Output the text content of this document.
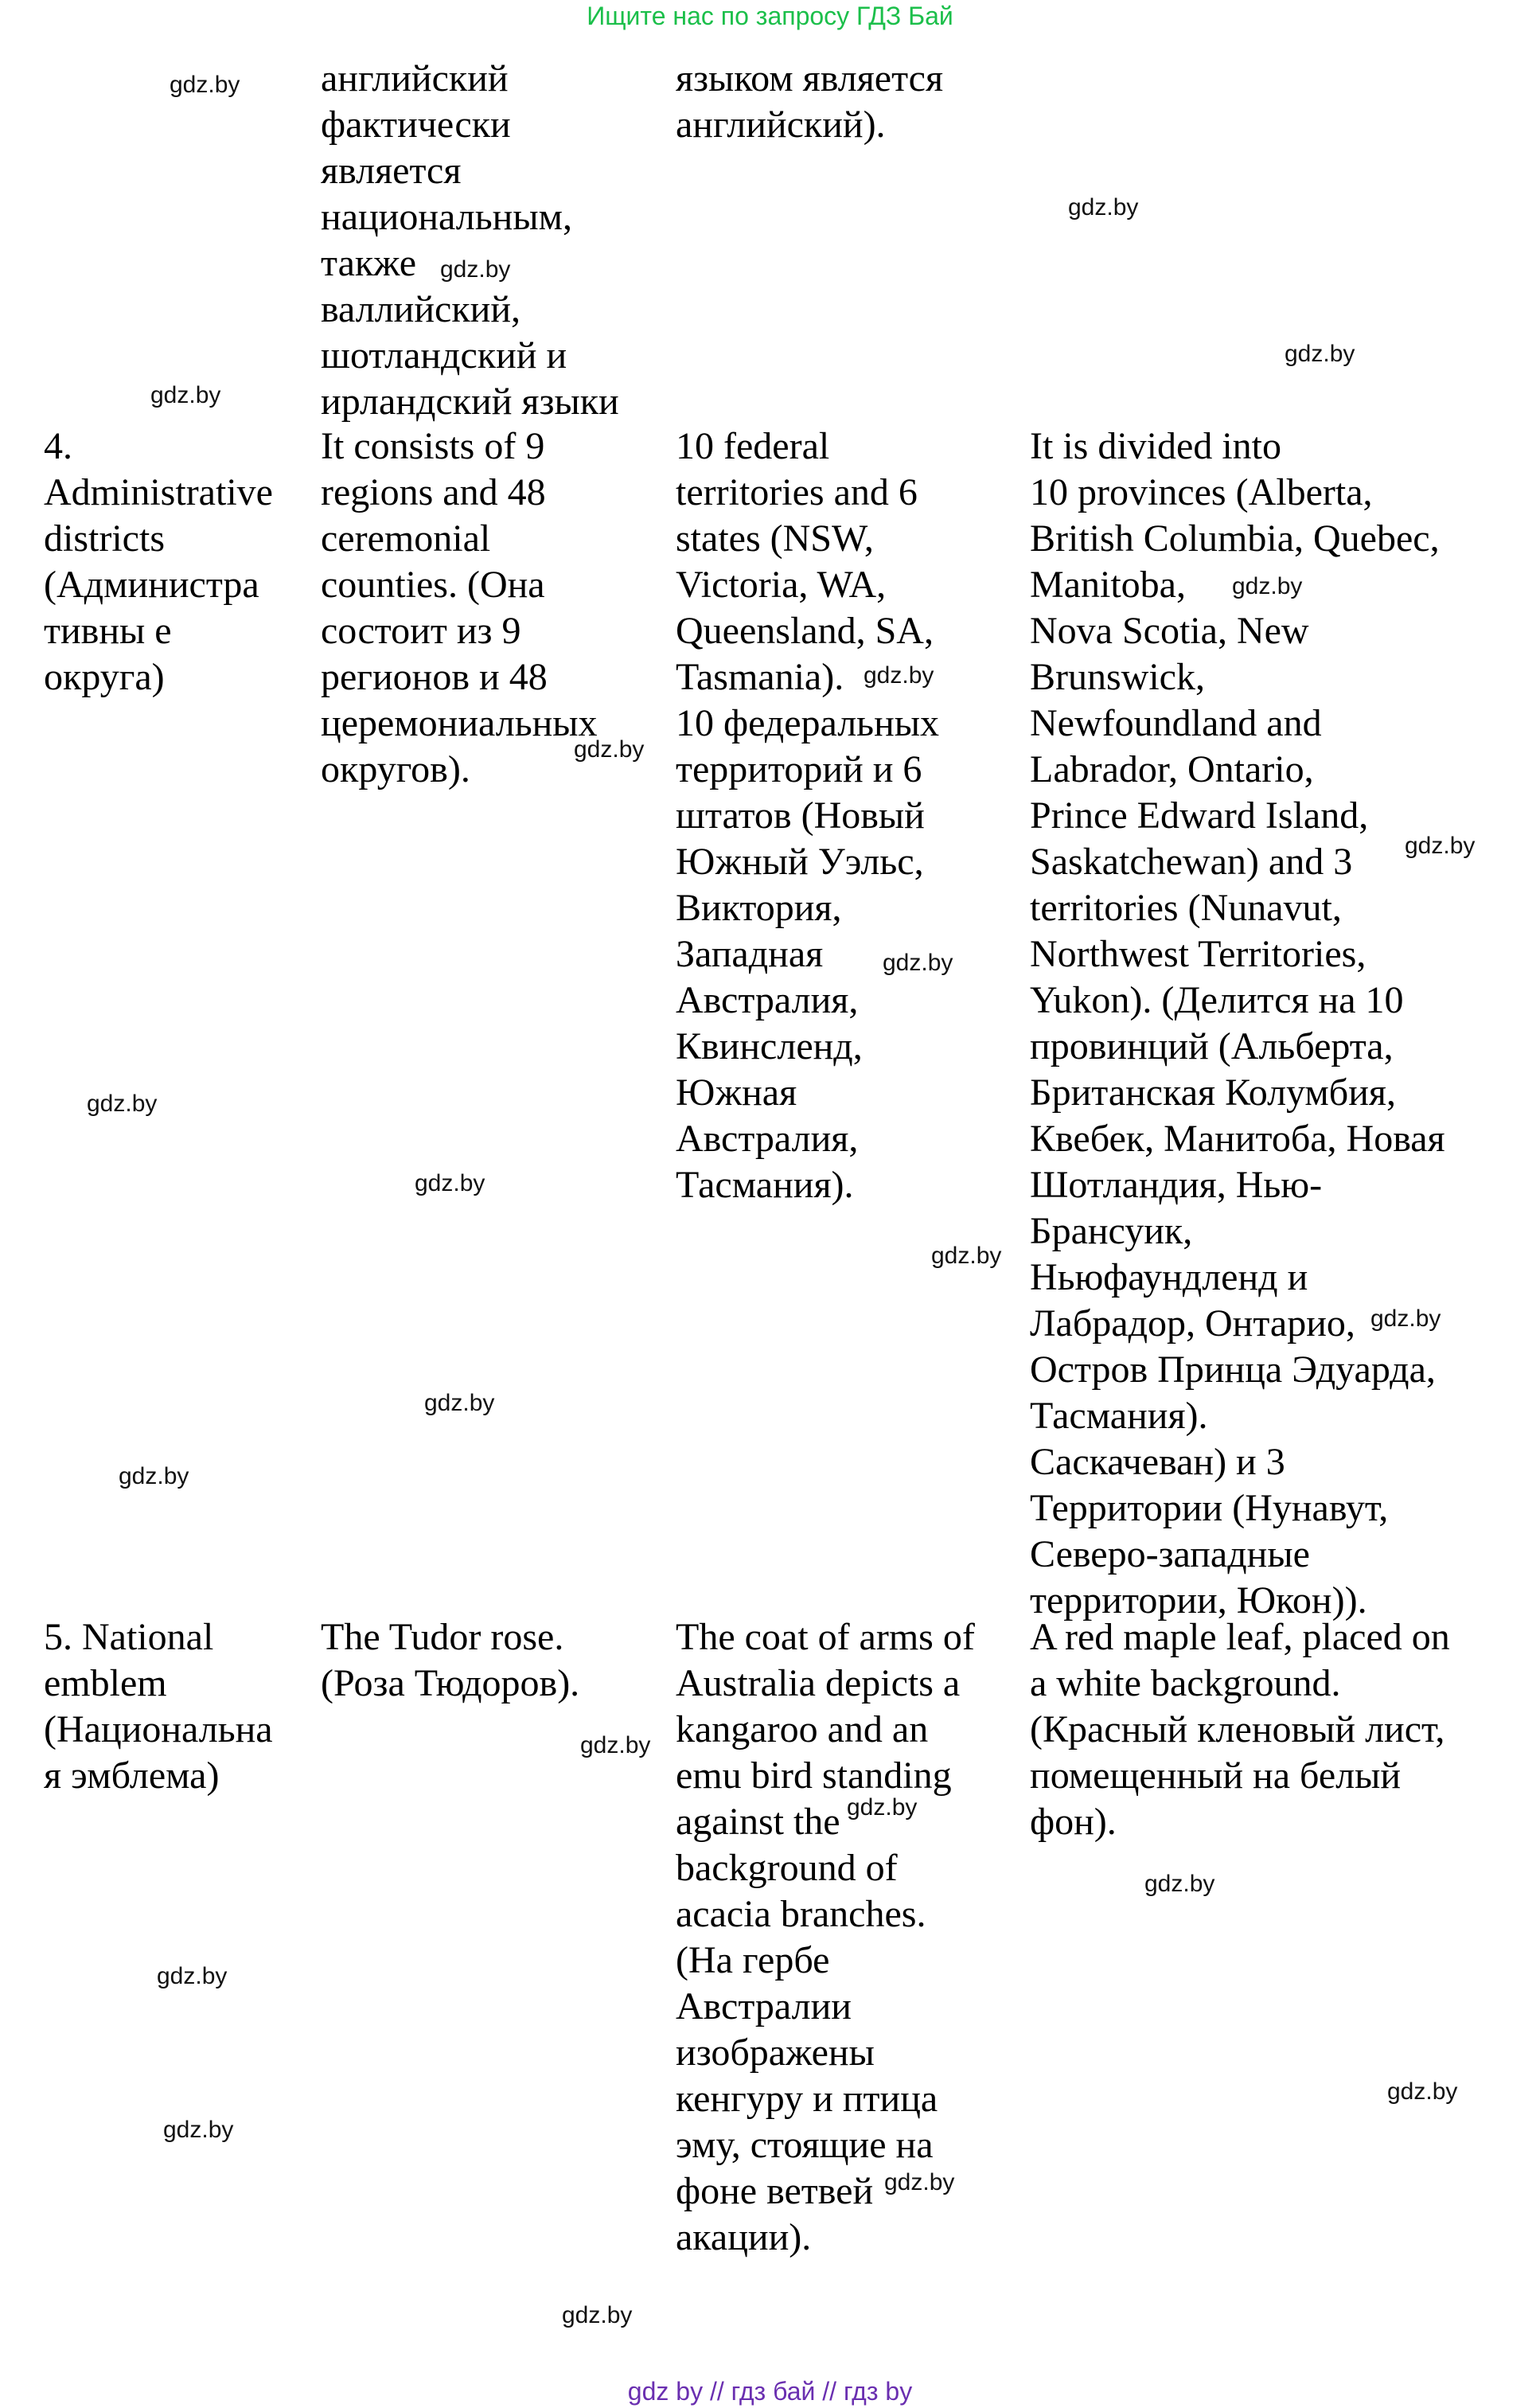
Ищите нас по запросу ГДЗ Бай

английский
фактически
является
национальным,
также
валлийский,
шотландский и
ирландский языки

языком является
английский).

4.
Administrative
districts
(Администра
тивны е
округа)

It consists of 9
regions and 48
ceremonial
counties. (Она
состоит из 9
регионов и 48
церемониальных
округов).

10 federal
territories and 6
states (NSW,
Victoria, WA,
Queensland, SA,
Tasmania).
10 федеральных
территорий и 6
штатов (Новый
Южный Уэльс,
Виктория,
Западная
Австралия,
Квинсленд,
Южная
Австралия,
Тасмания).

It is divided into
10 provinces (Alberta,
British Columbia, Quebec,
Manitoba,
Nova Scotia, New
Brunswick,
Newfoundland and
Labrador, Ontario,
Prince Edward Island,
Saskatchewan) and 3
territories (Nunavut,
Northwest Territories,
Yukon). (Делится на 10
провинций (Альберта,
Британская Колумбия,
Квебек, Манитоба, Новая
Шотландия, Нью-
Брансуик,
Ньюфаундленд и
Лабрадор, Онтарио,
Остров Принца Эдуарда,
Тасмания).
Саскачеван) и 3
Территории (Нунавут,
Северо-западные
территории, Юкон)).

5. National
emblem
(Национальна
я эмблема)

The Tudor rose.
(Роза Тюдоров).

The coat of arms of
Australia depicts a
kangaroo and an
emu bird standing
against the
background of
acacia branches.
(На гербе
Австралии
изображены
кенгуру и птица
эму, стоящие на
фоне ветвей
акации).

A red maple leaf, placed on
a white background.
(Красный кленовый лист,
помещенный на белый
фон).

gdz.by
gdz.by
gdz.by
gdz.by
gdz.by
gdz.by
gdz.by
gdz.by
gdz.by
gdz.by
gdz.by
gdz.by
gdz.by
gdz.by
gdz.by
gdz.by
gdz.by
gdz.by
gdz.by
gdz.by
gdz.by
gdz.by
gdz.by
gdz.by
gdz by // гдз бай // гдз by
